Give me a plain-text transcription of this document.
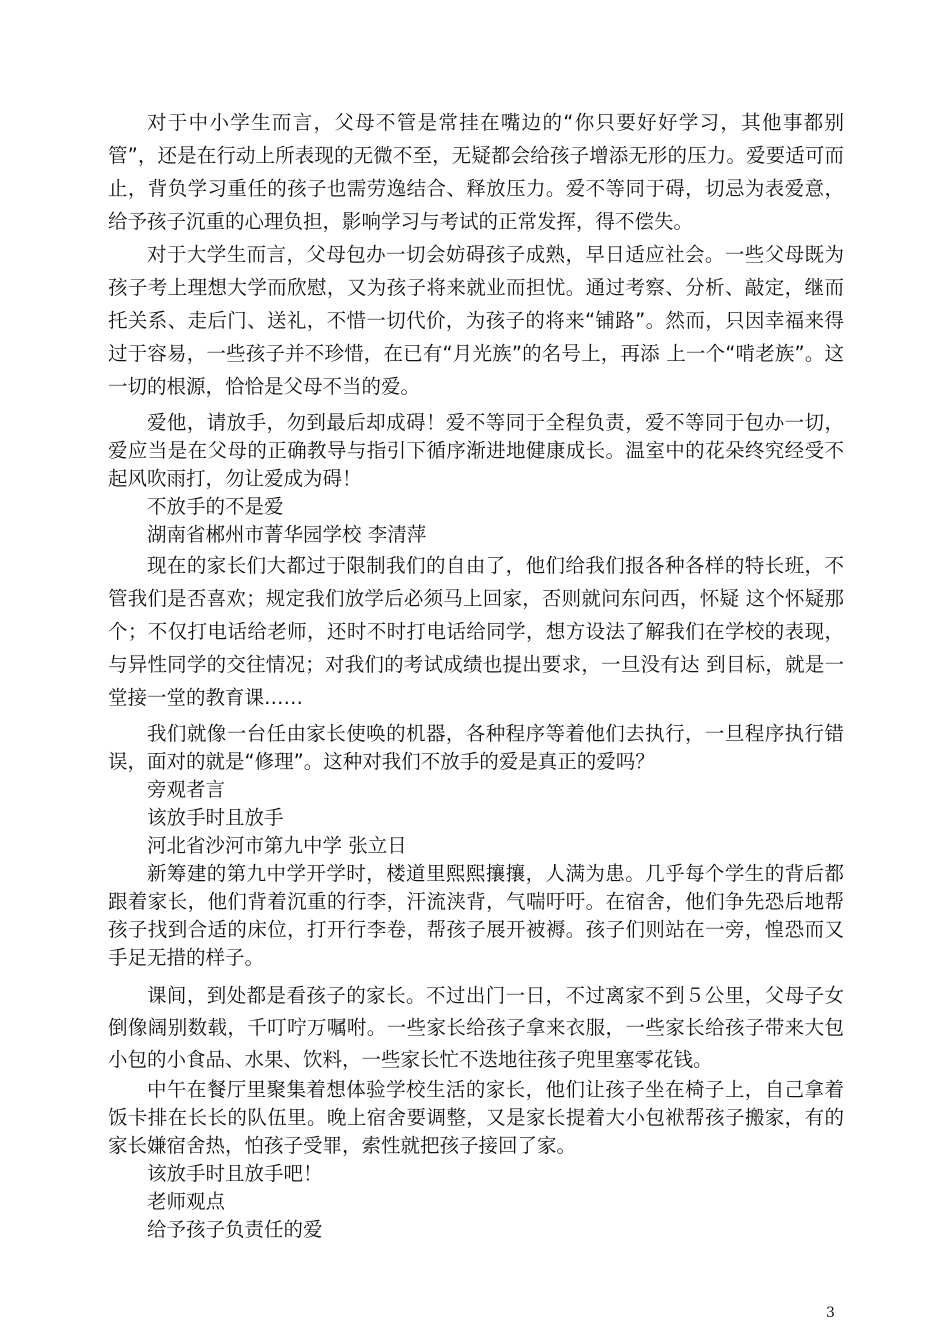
对于中小学生而言，父母不管是常挂在嘴边的“你只要好好学习，其他事都别管”，还是在行动上所表现的无微不至，无疑都会给孩子增添无形的压力。爱要适可而止，背负学习重任的孩子也需劳逸结合、释放压力。爱不等同于碍，切忌为表爱意，给予孩子沉重的心理负担，影响学习与考试的正常发挥，得不偿失。

对于大学生而言，父母包办一切会妨碍孩子成熟，早日适应社会。一些父母既为孩子考上理想大学而欣慰，又为孩子将来就业而担忧。通过考察、分析、敲定，继而托关系、走后门、送礼，不惜一切代价，为孩子的将来“铺路”。然而，只因幸福来得过于容易，一些孩子并不珍惜，在已有“月光族”的名号上，再添 上一个“啃老族”。这一切的根源，恰恰是父母不当的爱。

爱他，请放手，勿到最后却成碍！爱不等同于全程负责，爱不等同于包办一切，爱应当是在父母的正确教导与指引下循序渐进地健康成长。温室中的花朵终究经受不起风吹雨打，勿让爱成为碍！

不放手的不是爱

湖南省郴州市菁华园学校 李清萍

现在的家长们大都过于限制我们的自由了，他们给我们报各种各样的特长班，不管我们是否喜欢；规定我们放学后必须马上回家，否则就问东问西，怀疑 这个怀疑那个；不仅打电话给老师，还时不时打电话给同学，想方设法了解我们在学校的表现，与异性同学的交往情况；对我们的考试成绩也提出要求，一旦没有达 到目标，就是一堂接一堂的教育课……

我们就像一台任由家长使唤的机器，各种程序等着他们去执行，一旦程序执行错误，面对的就是“修理”。这种对我们不放手的爱是真正的爱吗？

旁观者言

该放手时且放手

河北省沙河市第九中学 张立日

新筹建的第九中学开学时，楼道里熙熙攘攘，人满为患。几乎每个学生的背后都跟着家长，他们背着沉重的行李，汗流浃背，气喘吁吁。在宿舍，他们争先恐后地帮孩子找到合适的床位，打开行李卷，帮孩子展开被褥。孩子们则站在一旁，惶恐而又手足无措的样子。

课间，到处都是看孩子的家长。不过出门一日，不过离家不到５公里，父母子女倒像阔别数载，千叮咛万嘱咐。一些家长给孩子拿来衣服，一些家长给孩子带来大包小包的小食品、水果、饮料，一些家长忙不迭地往孩子兜里塞零花钱。

中午在餐厅里聚集着想体验学校生活的家长，他们让孩子坐在椅子上，自己拿着饭卡排在长长的队伍里。晚上宿舍要调整，又是家长提着大小包袱帮孩子搬家，有的家长嫌宿舍热，怕孩子受罪，索性就把孩子接回了家。

该放手时且放手吧！

老师观点

给予孩子负责任的爱

3
